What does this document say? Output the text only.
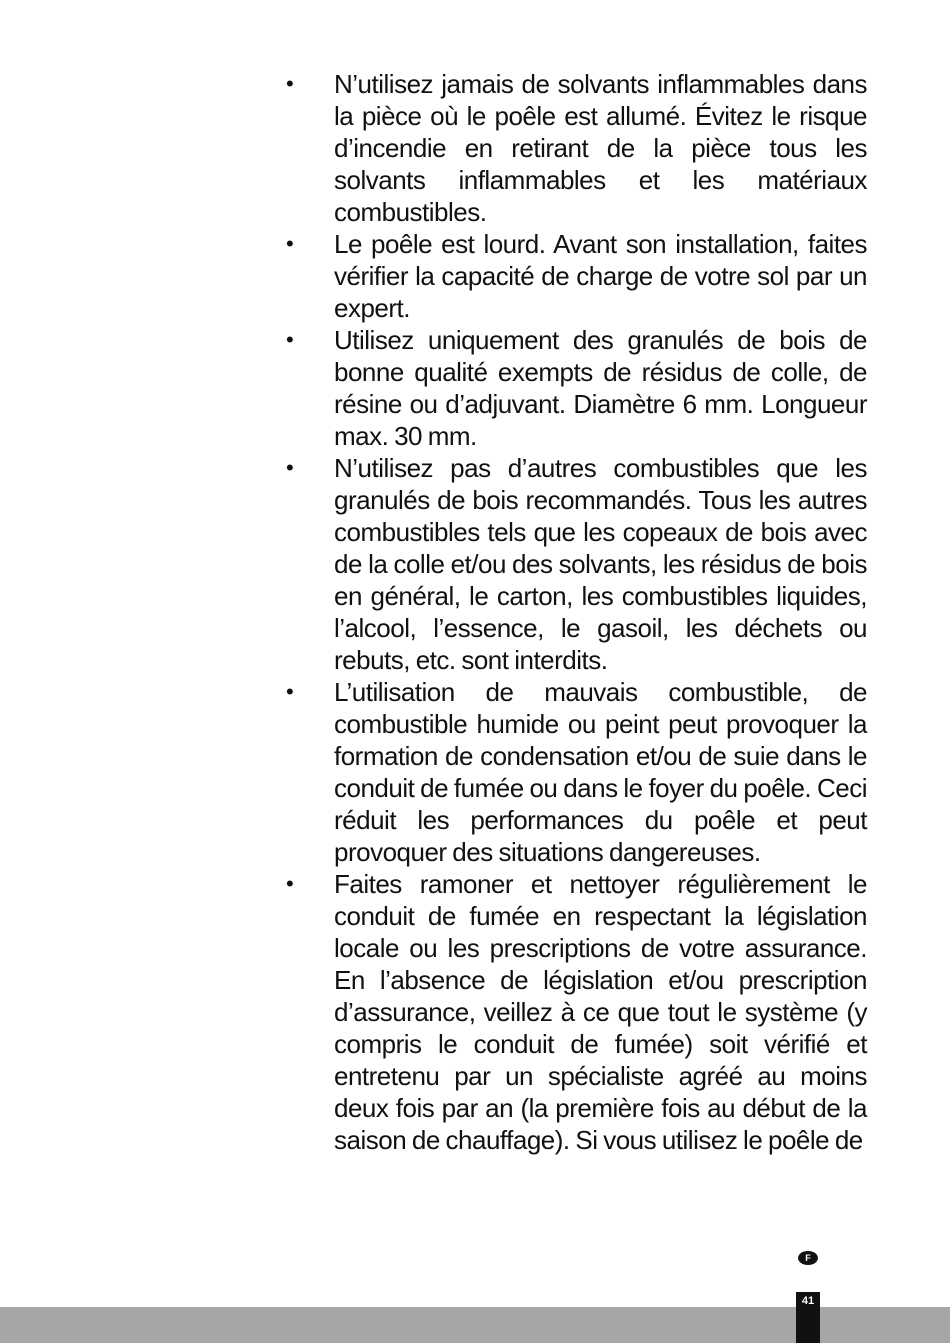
• N’utilisez jamais de solvants inflammables dans la pièce où le poêle est allumé. Évitez le risque d’incendie en retirant de la pièce tous les solvants inflammables et les matériaux combustibles.
• Le poêle est lourd. Avant son installation, faites vérifier la capacité de charge de votre sol par un expert.
• Utilisez uniquement des granulés de bois de bonne qualité exempts de résidus de colle, de résine ou d’adjuvant. Diamètre 6 mm. Longueur max. 30 mm.
• N’utilisez pas d’autres combustibles que les granulés de bois recommandés. Tous les autres combustibles tels que les copeaux de bois avec de la colle et/ou des solvants, les résidus de bois en général, le carton, les combustibles liquides, l’alcool, l’essence, le gasoil, les déchets ou rebuts, etc. sont interdits.
• L’utilisation de mauvais combustible, de combustible humide ou peint peut provoquer la formation de condensation et/ou de suie dans le conduit de fumée ou dans le foyer du poêle. Ceci réduit les performances du poêle et peut provoquer des situations dangereuses.
• Faites ramoner et nettoyer régulièrement le conduit de fumée en respectant la législation locale ou les prescriptions de votre assurance. En l’absence de législation et/ou prescription d’assurance, veillez à ce que tout le système (y compris le conduit de fumée) soit vérifié et entretenu par un spécialiste agréé au moins deux fois par an (la première fois au début de la saison de chauffage). Si vous utilisez le poêle de
F
41
